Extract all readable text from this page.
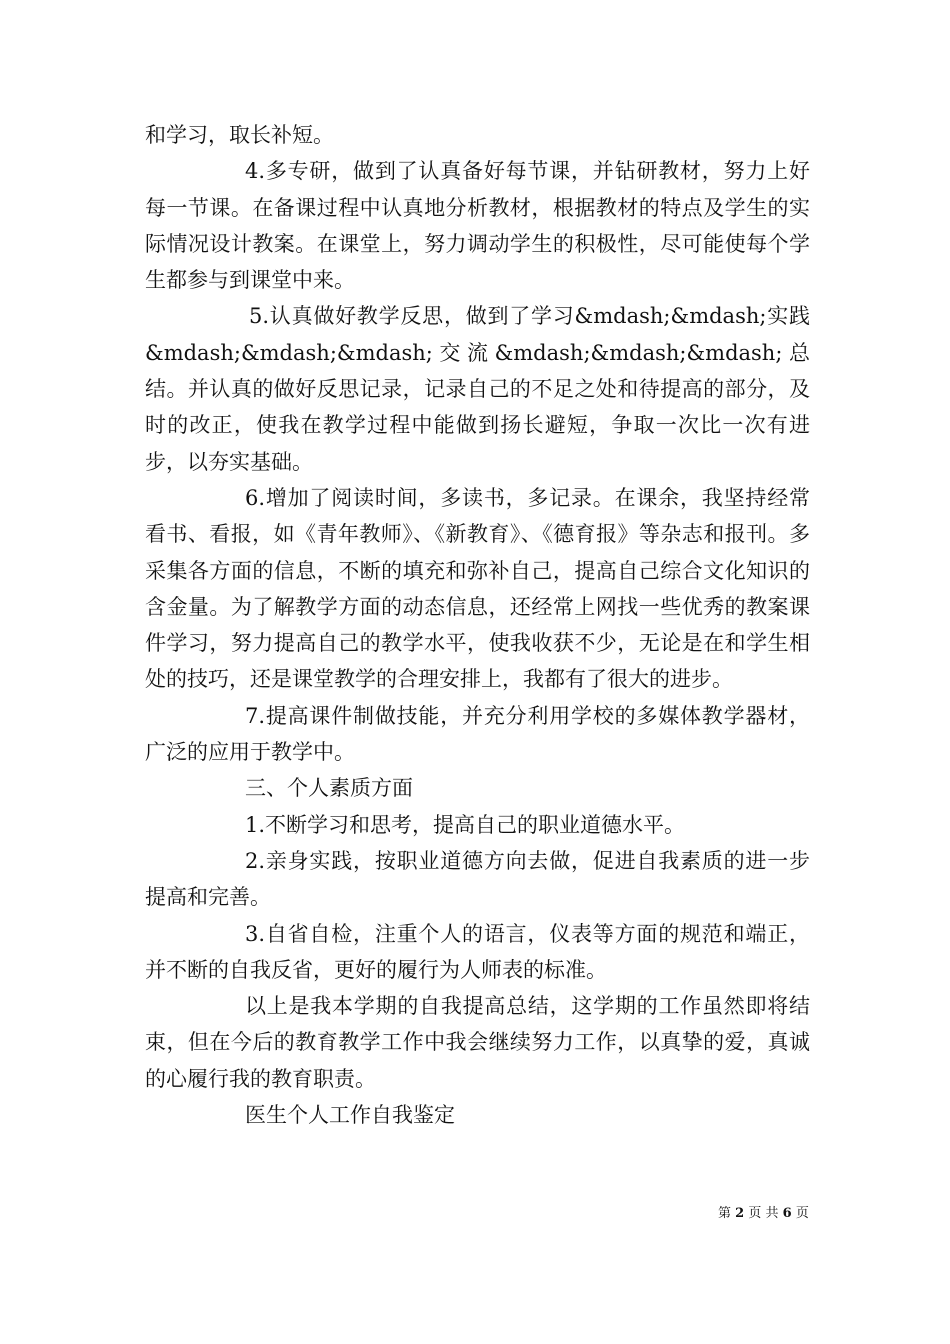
和学习，取长补短。

4.多专研，做到了认真备好每节课，并钻研教材，努力上好每一节课。在备课过程中认真地分析教材，根据教材的特点及学生的实际情况设计教案。在课堂上，努力调动学生的积极性，尽可能使每个学生都参与到课堂中来。

5.认真做好教学反思，做到了学习&mdash;&mdash;实践&mdash;&mdash;&mdash;交流&mdash;&mdash;&mdash;总结。并认真的做好反思记录，记录自己的不足之处和待提高的部分，及时的改正，使我在教学过程中能做到扬长避短，争取一次比一次有进步，以夯实基础。

6.增加了阅读时间，多读书，多记录。在课余，我坚持经常看书、看报，如《青年教师》、《新教育》、《德育报》等杂志和报刊。多采集各方面的信息，不断的填充和弥补自己，提高自己综合文化知识的含金量。为了解教学方面的动态信息，还经常上网找一些优秀的教案课件学习，努力提高自己的教学水平，使我收获不少，无论是在和学生相处的技巧，还是课堂教学的合理安排上，我都有了很大的进步。

7.提高课件制做技能，并充分利用学校的多媒体教学器材，广泛的应用于教学中。

三、个人素质方面

1.不断学习和思考，提高自己的职业道德水平。

2.亲身实践，按职业道德方向去做，促进自我素质的进一步提高和完善。

3.自省自检，注重个人的语言，仪表等方面的规范和端正，并不断的自我反省，更好的履行为人师表的标准。

以上是我本学期的自我提高总结，这学期的工作虽然即将结束，但在今后的教育教学工作中我会继续努力工作，以真挚的爱，真诚的心履行我的教育职责。

医生个人工作自我鉴定

第 2 页 共 6 页
